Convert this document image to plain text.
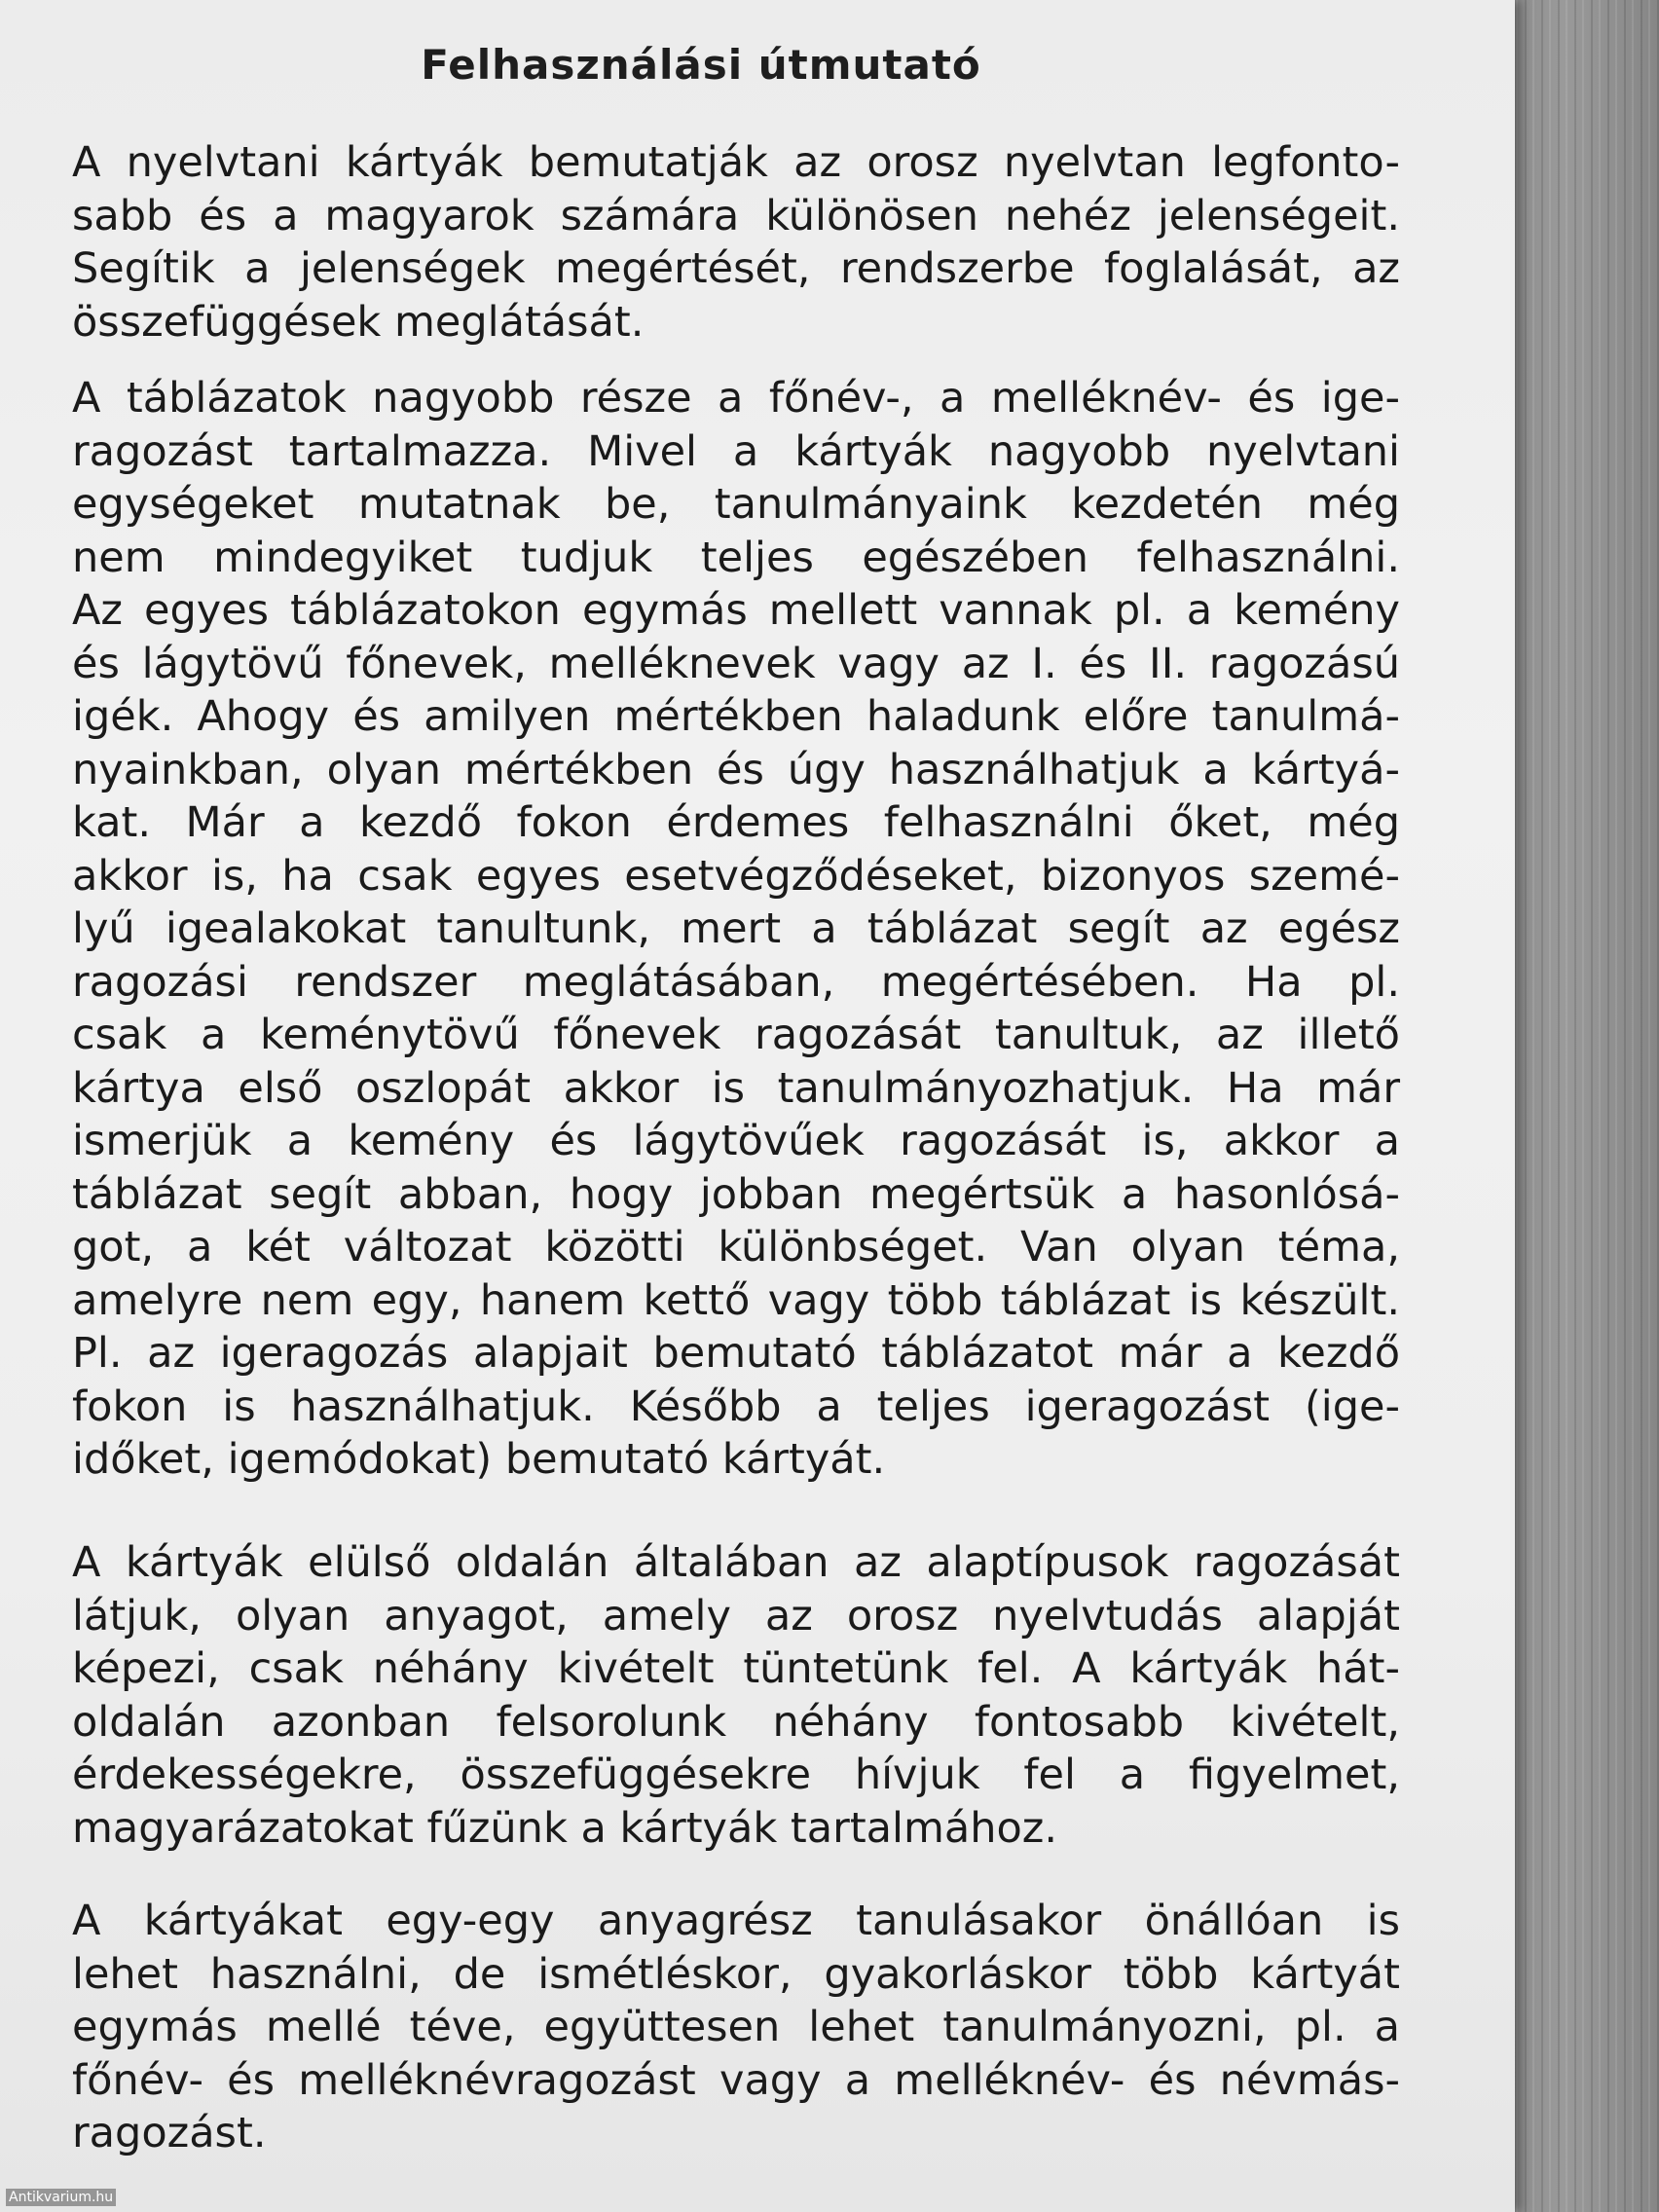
Felhasználási útmutató
A nyelvtani kártyák bemutatják az orosz nyelvtan legfonto-
sabb és a magyarok számára különösen nehéz jelenségeit.
Segítik a jelenségek megértését, rendszerbe foglalását, az
összefüggések meglátását.
A táblázatok nagyobb része a főnév-, a melléknév- és ige-
ragozást tartalmazza. Mivel a kártyák nagyobb nyelvtani
egységeket mutatnak be, tanulmányaink kezdetén még
nem mindegyiket tudjuk teljes egészében felhasználni.
Az egyes táblázatokon egymás mellett vannak pl. a kemény
és lágytövű főnevek, melléknevek vagy az I. és II. ragozású
igék. Ahogy és amilyen mértékben haladunk előre tanulmá-
nyainkban, olyan mértékben és úgy használhatjuk a kártyá-
kat. Már a kezdő fokon érdemes felhasználni őket, még
akkor is, ha csak egyes esetvégződéseket, bizonyos szemé-
lyű igealakokat tanultunk, mert a táblázat segít az egész
ragozási rendszer meglátásában, megértésében. Ha pl.
csak a keménytövű főnevek ragozását tanultuk, az illető
kártya első oszlopát akkor is tanulmányozhatjuk. Ha már
ismerjük a kemény és lágytövűek ragozását is, akkor a
táblázat segít abban, hogy jobban megértsük a hasonlósá-
got, a két változat közötti különbséget. Van olyan téma,
amelyre nem egy, hanem kettő vagy több táblázat is készült.
Pl. az igeragozás alapjait bemutató táblázatot már a kezdő
fokon is használhatjuk. Később a teljes igeragozást (ige-
időket, igemódokat) bemutató kártyát.
A kártyák elülső oldalán általában az alaptípusok ragozását
látjuk, olyan anyagot, amely az orosz nyelvtudás alapját
képezi, csak néhány kivételt tüntetünk fel. A kártyák hát-
oldalán azonban felsorolunk néhány fontosabb kivételt,
érdekességekre, összefüggésekre hívjuk fel a figyelmet,
magyarázatokat fűzünk a kártyák tartalmához.
A kártyákat egy-egy anyagrész tanulásakor önállóan is
lehet használni, de ismétléskor, gyakorláskor több kártyát
egymás mellé téve, együttesen lehet tanulmányozni, pl. a
főnév- és melléknévragozást vagy a melléknév- és névmás-
ragozást.
Antikvarium.hu
